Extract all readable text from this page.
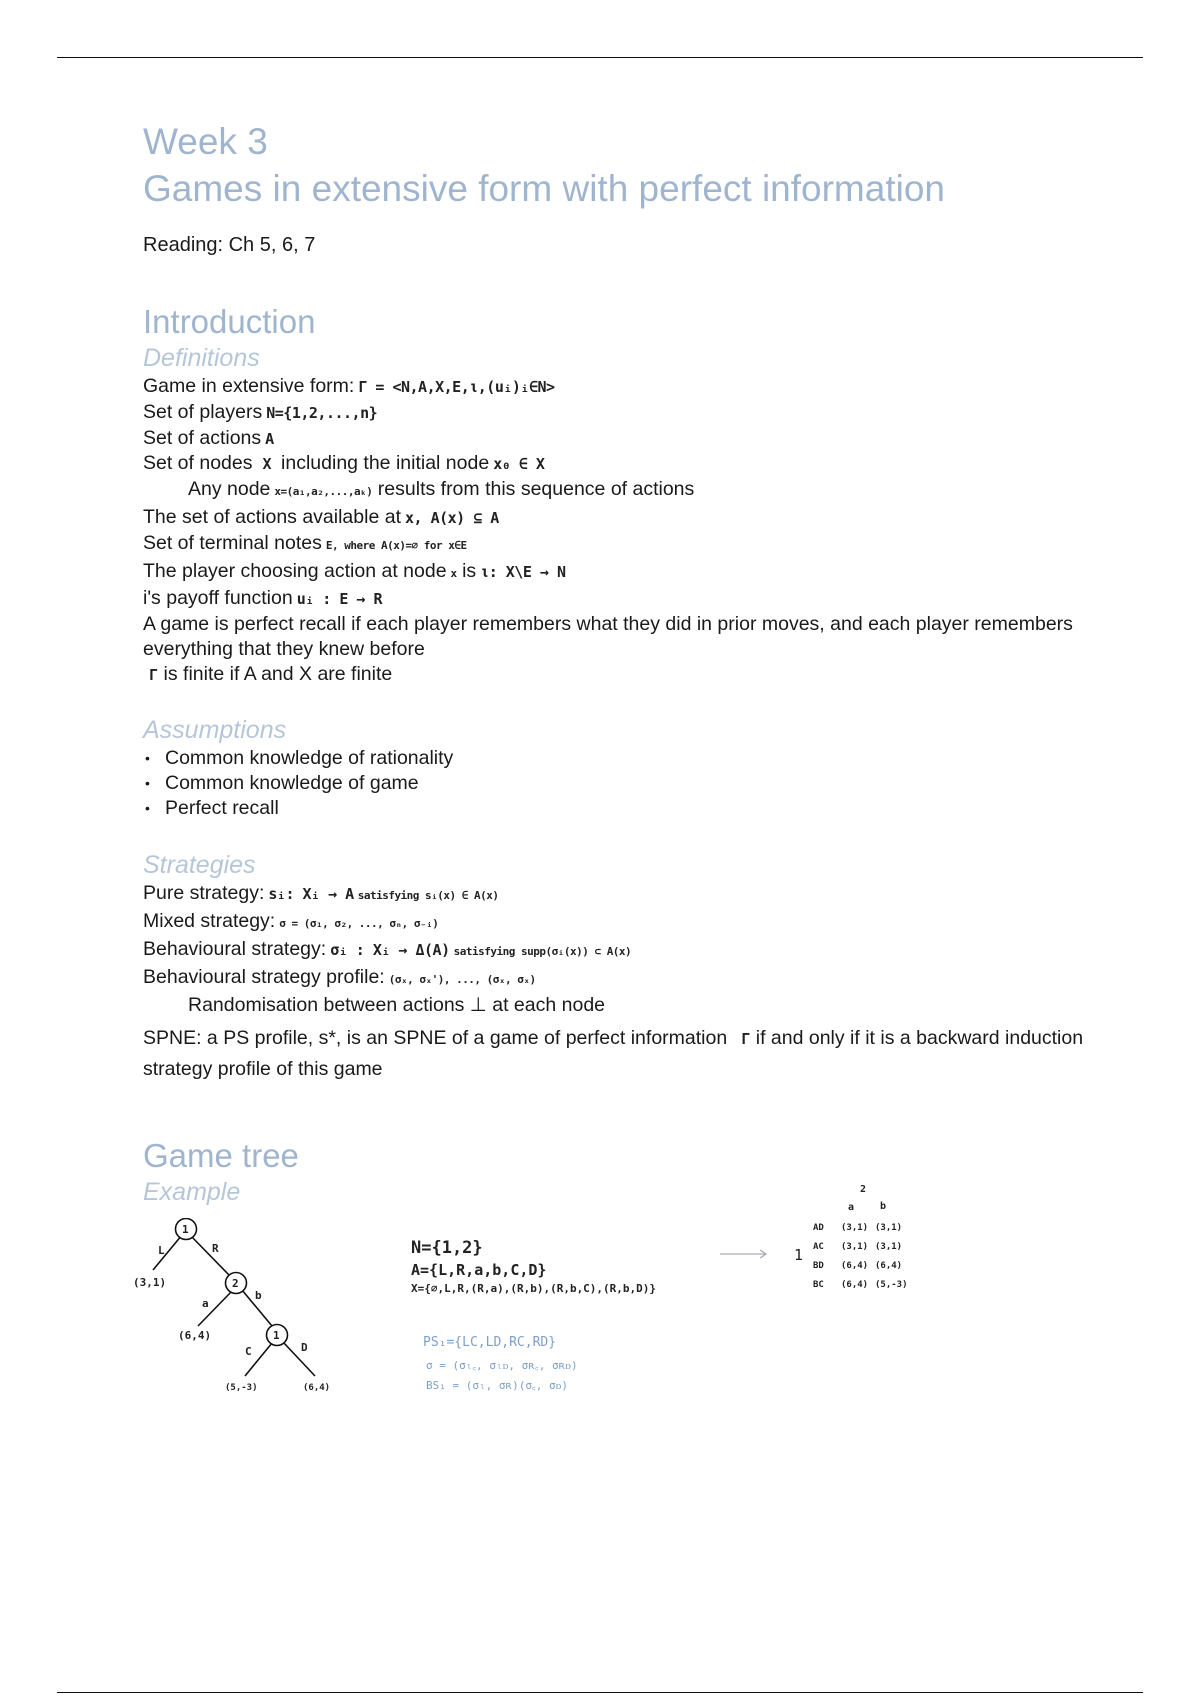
Week 3
Games in extensive form with perfect information
Reading: Ch 5, 6, 7
Introduction
Definitions
Game in extensive form: Γ = <N,A,X,E,ι,(uᵢ)ᵢ∈N>
Set of players N={1,2,...,n}
Set of actions A
Set of nodes X including the initial node x₀ ∈ X
Any node x=(a₁,a₂,...,aₖ) results from this sequence of actions
The set of actions available at x, A(x) ⊆ A
Set of terminal notes E, where A(x)=∅ for x∈E
The player choosing action at node x is ι: X\E → N
i's payoff function uᵢ : E → R
A game is perfect recall if each player remembers what they did in prior moves, and each player remembers everything that they knew before
Γ is finite if A and X are finite
Assumptions
• Common knowledge of rationality
• Common knowledge of game
• Perfect recall
Strategies
Pure strategy: sᵢ: Xᵢ → A satisfying sᵢ(x) ∈ A(x)
Mixed strategy: σ = (σ₁, σ₂, ..., σₙ, σ₋ᵢ)
Behavioural strategy: σᵢ : Xᵢ → Δ(A) satisfying supp(σᵢ(x)) ⊂ A(x)
Behavioural strategy profile: (σₓ, σₓ'), ..., (σₓ, σₓ)
Randomisation between actions ⊥ at each node
SPNE: a PS profile, s*, is an SPNE of a game of perfect information Γ if and only if it is a backward induction strategy profile of this game
Game tree
Example
1
2
1
L	R
a
b
C	D
(3,1)
(6,4)
(5,-3)	(6,4)
N={1,2}
A={L,R,a,b,C,D}
X={∅,L,R,(R,a),(R,b),(R,b,C),(R,b,D)}
PS₁={LC,LD,RC,RD}
σ = (σₗ꜀, σₗᴅ, σʀ꜀, σʀᴅ)
BS₁ = (σₗ, σʀ)(σ꜀, σᴅ)
2
a	b
1
AD (3,1) (3,1)
AC (3,1) (3,1)
BD (6,4) (6,4)
BC (6,4) (5,-3)
